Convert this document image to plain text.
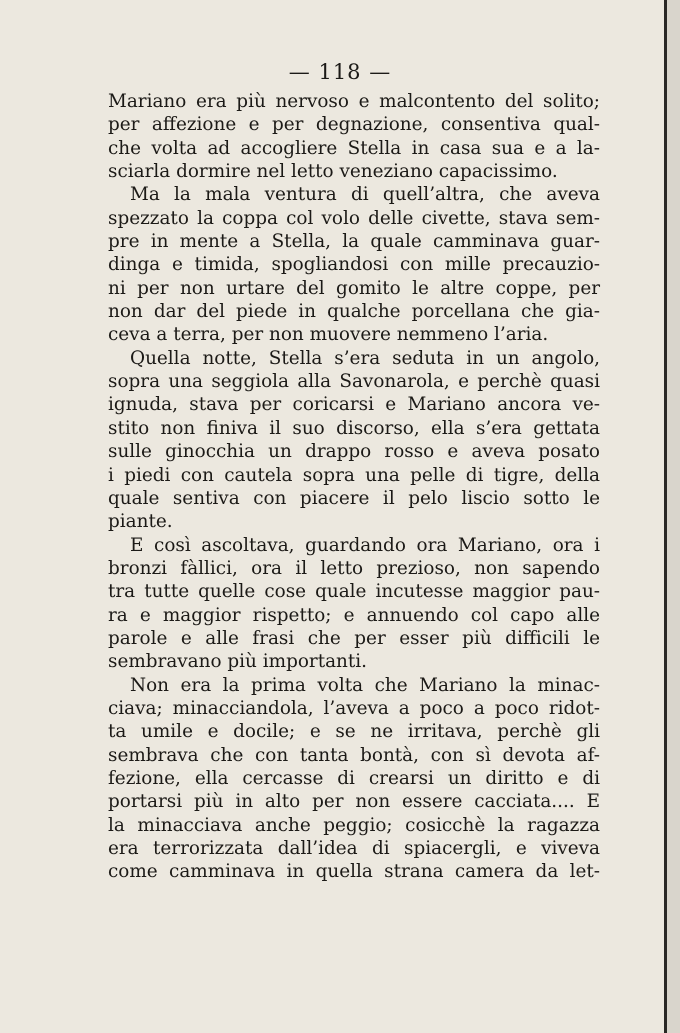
— 118 —
Mariano era più nervoso e malcontento del solito;
per affezione e per degnazione, consentiva qual-
che volta ad accogliere Stella in casa sua e a la-
sciarla dormire nel letto veneziano capacissimo.
Ma la mala ventura di quell’altra, che aveva
spezzato la coppa col volo delle civette, stava sem-
pre in mente a Stella, la quale camminava guar-
dinga e timida, spogliandosi con mille precauzio-
ni per non urtare del gomito le altre coppe, per
non dar del piede in qualche porcellana che gia-
ceva a terra, per non muovere nemmeno l’aria.
Quella notte, Stella s’era seduta in un angolo,
sopra una seggiola alla Savonarola, e perchè quasi
ignuda, stava per coricarsi e Mariano ancora ve-
stito non finiva il suo discorso, ella s’era gettata
sulle ginocchia un drappo rosso e aveva posato
i piedi con cautela sopra una pelle di tigre, della
quale sentiva con piacere il pelo liscio sotto le
piante.
E così ascoltava, guardando ora Mariano, ora i
bronzi fàllici, ora il letto prezioso, non sapendo
tra tutte quelle cose quale incutesse maggior pau-
ra e maggior rispetto; e annuendo col capo alle
parole e alle frasi che per esser più difficili le
sembravano più importanti.
Non era la prima volta che Mariano la minac-
ciava; minacciandola, l’aveva a poco a poco ridot-
ta umile e docile; e se ne irritava, perchè gli
sembrava che con tanta bontà, con sì devota af-
fezione, ella cercasse di crearsi un diritto e di
portarsi più in alto per non essere cacciata.... E
la minacciava anche peggio; cosicchè la ragazza
era terrorizzata dall’idea di spiacergli, e viveva
come camminava in quella strana camera da let-
